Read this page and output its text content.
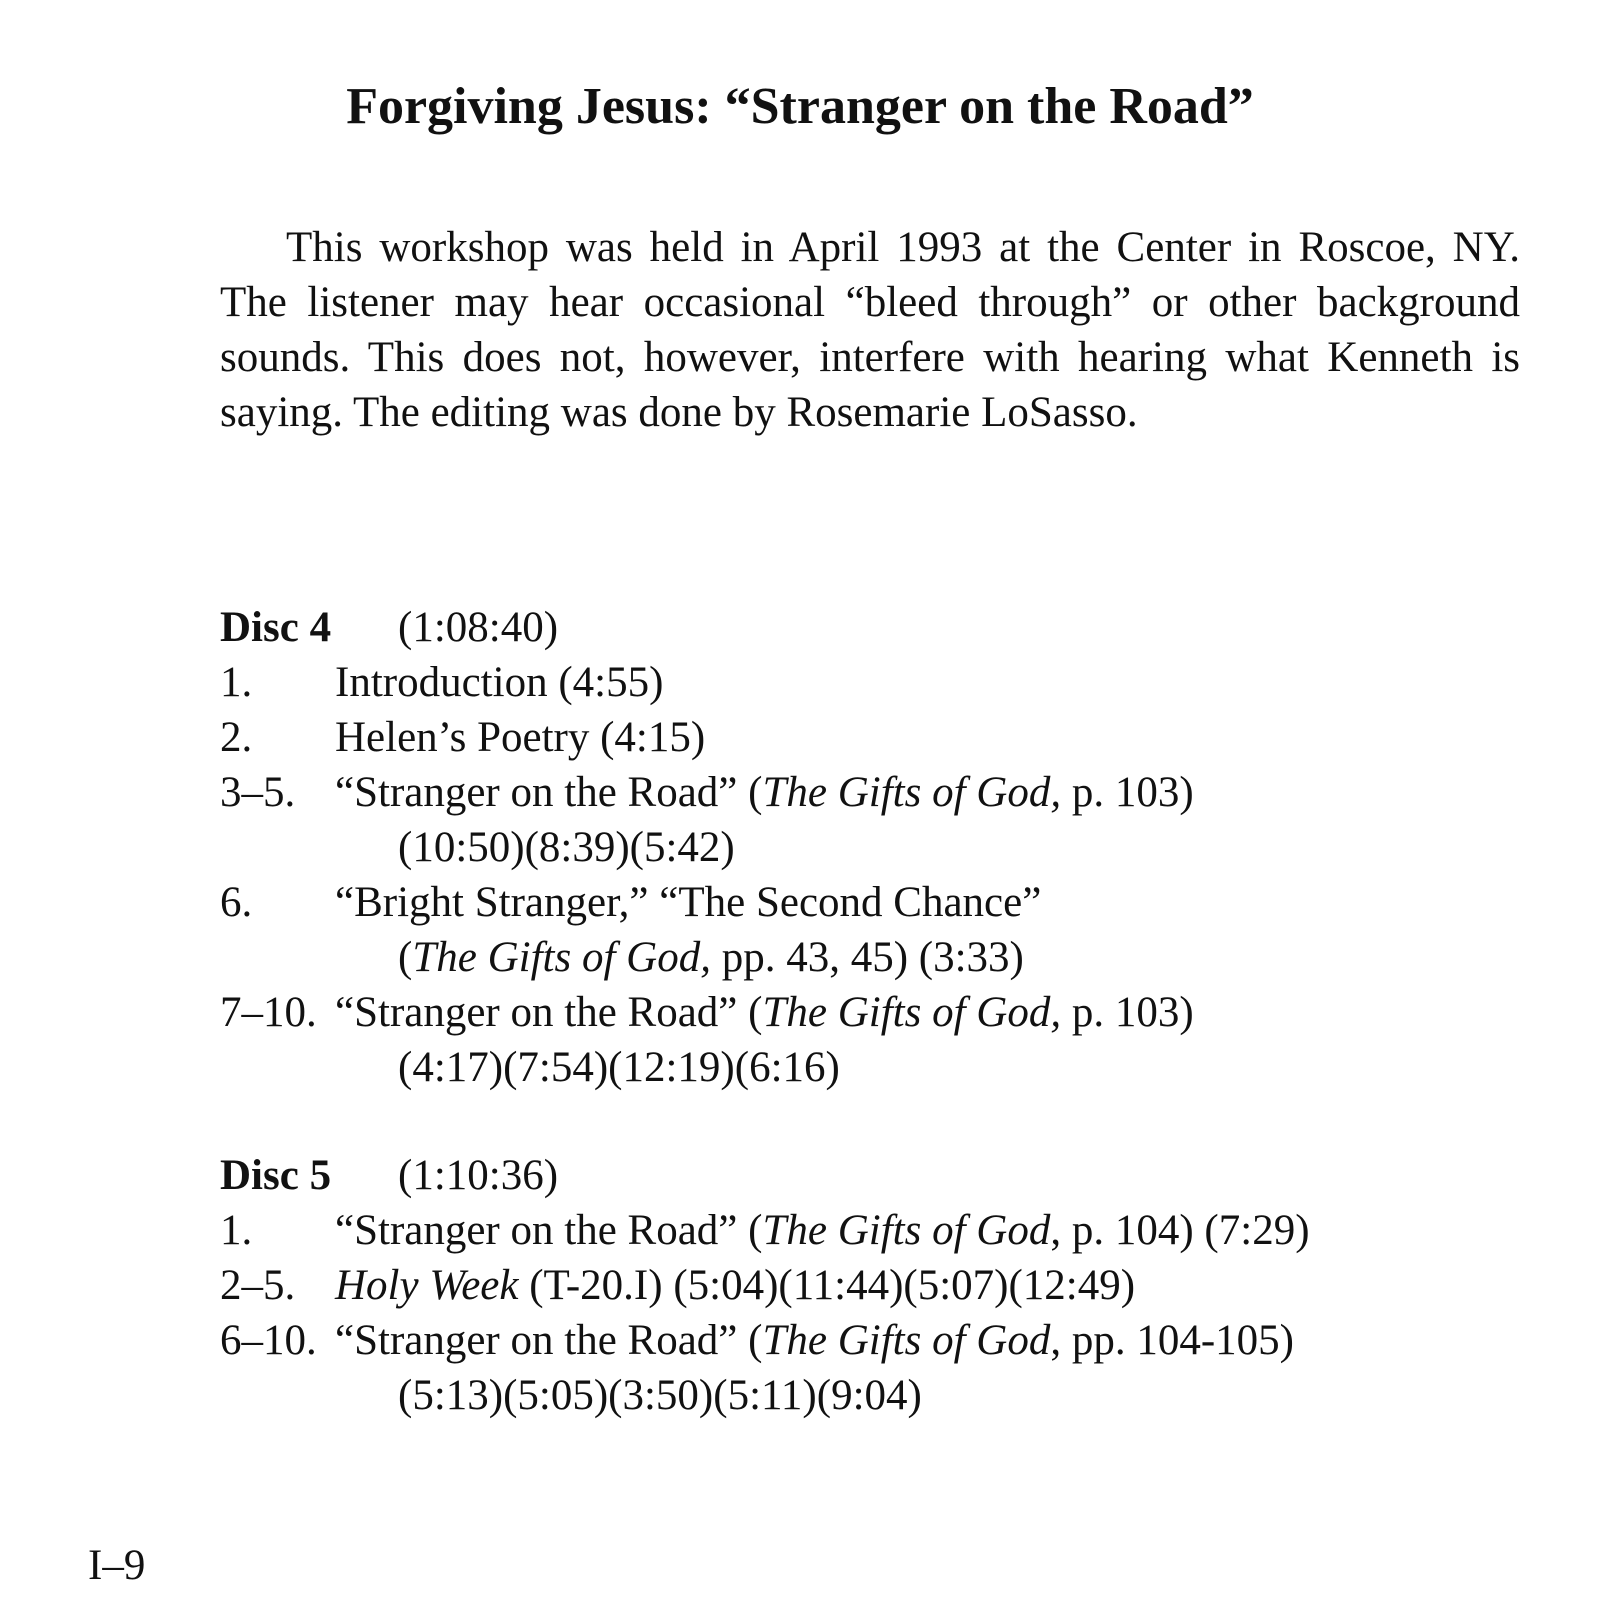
Forgiving Jesus: “Stranger on the Road”

This workshop was held in April 1993 at the Center in Roscoe, NY. The listener may hear occasional “bleed through” or other background sounds. This does not, however, interfere with hearing what Kenneth is saying. The editing was done by Rosemarie LoSasso.

Disc 4	(1:08:40)
1.	Introduction (4:55)
2.	Helen’s Poetry (4:15)
3–5. “Stranger on the Road” (The Gifts of God, p. 103)
(10:50)(8:39)(5:42)
6.	“Bright Stranger,” “The Second Chance”
(The Gifts of God, pp. 43, 45) (3:33)
7–10. “Stranger on the Road” (The Gifts of God, p. 103)
(4:17)(7:54)(12:19)(6:16)
Disc 5	(1:10:36)
1.	“Stranger on the Road” (The Gifts of God, p. 104) (7:29)
2–5. Holy Week (T-20.I) (5:04)(11:44)(5:07)(12:49)
6–10. “Stranger on the Road” (The Gifts of God, pp. 104-105)
(5:13)(5:05)(3:50)(5:11)(9:04)
I–9
